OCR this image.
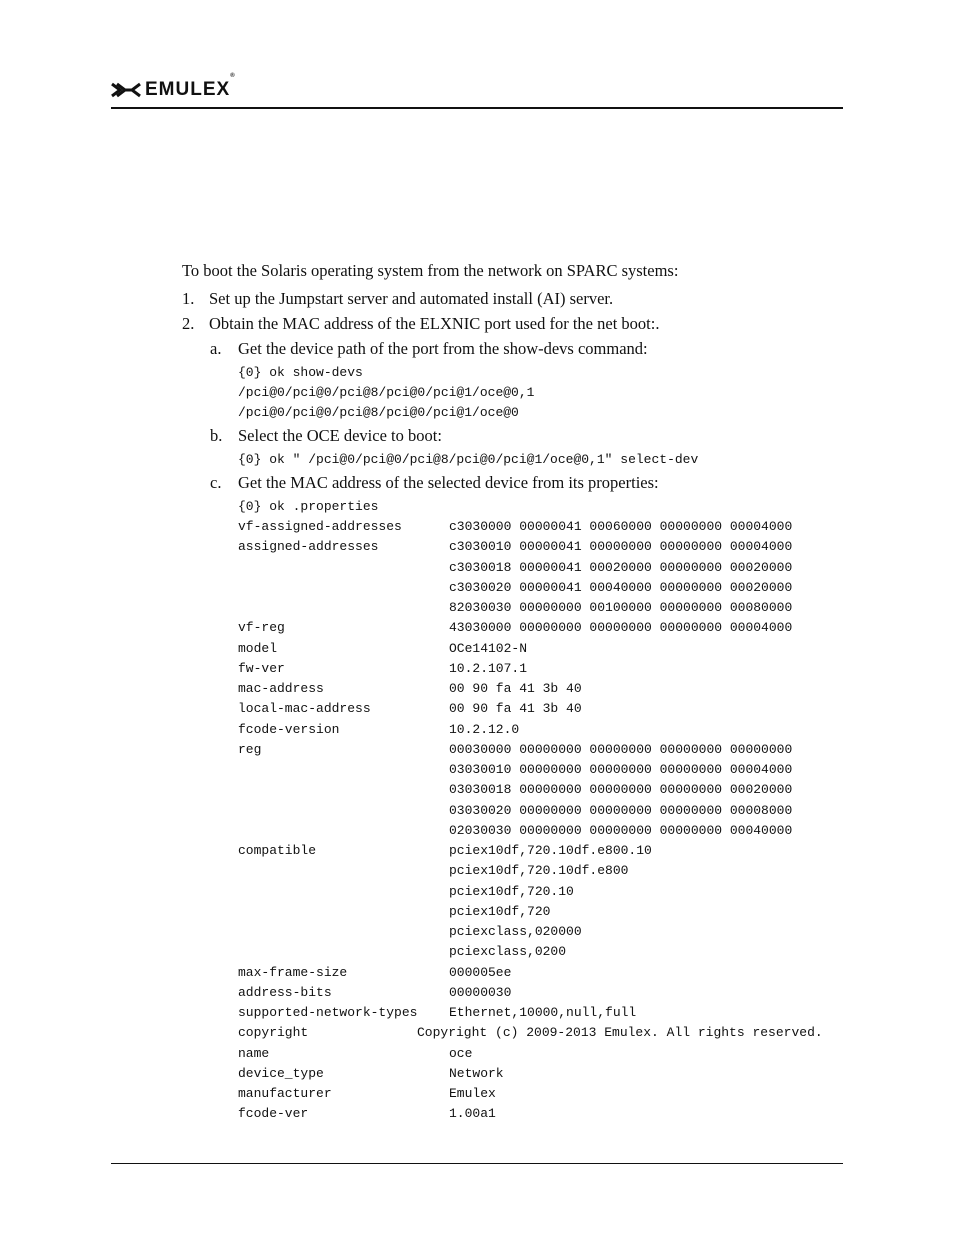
EMULEX®
To boot the Solaris operating system from the network on SPARC systems:
1. Set up the Jumpstart server and automated install (AI) server.
2. Obtain the MAC address of the ELXNIC port used for the net boot:.
a. Get the device path of the port from the show-devs command:
{0} ok show-devs
/pci@0/pci@0/pci@8/pci@0/pci@1/oce@0,1
/pci@0/pci@0/pci@8/pci@0/pci@1/oce@0
b. Select the OCE device to boot:
{0} ok " /pci@0/pci@0/pci@8/pci@0/pci@1/oce@0,1" select-dev
c. Get the MAC address of the selected device from its properties:
{0} ok .properties
vf-assigned-addresses	c3030000 00000041 00060000 00000000 00004000
assigned-addresses	c3030010 00000041 00000000 00000000 00004000
c3030018 00000041 00020000 00000000 00020000
c3030020 00000041 00040000 00000000 00020000
82030030 00000000 00100000 00000000 00080000
vf-reg	43030000 00000000 00000000 00000000 00004000
model	OCe14102-N
fw-ver	10.2.107.1
mac-address	00 90 fa 41 3b 40
local-mac-address	00 90 fa 41 3b 40
fcode-version	10.2.12.0
reg	00030000 00000000 00000000 00000000 00000000
03030010 00000000 00000000 00000000 00004000
03030018 00000000 00000000 00000000 00020000
03030020 00000000 00000000 00000000 00008000
02030030 00000000 00000000 00000000 00040000
compatible	pciex10df,720.10df.e800.10
pciex10df,720.10df.e800
pciex10df,720.10
pciex10df,720
pciexclass,020000
pciexclass,0200
max-frame-size	000005ee
address-bits	00000030
supported-network-types Ethernet,10000,null,full
copyright	Copyright (c) 2009-2013 Emulex. All rights reserved.
name	oce
device_type	Network
manufacturer	Emulex
fcode-ver	1.00a1
